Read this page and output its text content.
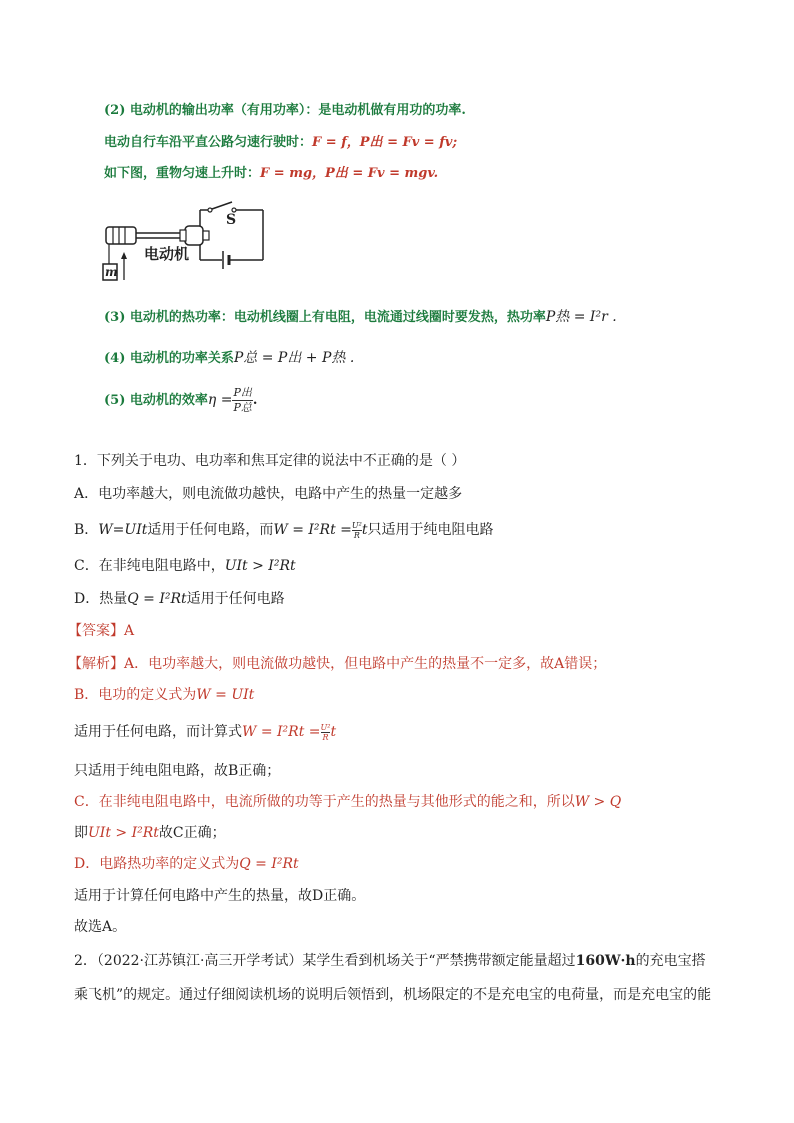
(2) 电动机的输出功率（有用功率）：是电动机做有用功的功率.
电动自行车沿平直公路匀速行驶时：F = f，P出 = Fv = fv;
如下图，重物匀速上升时：F = mg，P出 = Fv = mgv.
S
电动机
m
(3) 电动机的热功率：电动机线圈上有电阻，电流通过线圈时要发热，热功率P热 = I²r .
(4) 电动机的功率关系P总 = P出 + P热 .
(5) 电动机的效率$\eta = \frac{\text{P出}}{\text{P总}}$ .
1．下列关于电功、电功率和焦耳定律的说法中不正确的是（ ）
A．电功率越大，则电流做功越快，电路中产生的热量一定越多
B．W=UIt适用于任何电路，而$W = I^2Rt = \frac{\text{U²}}{R}$ t只适用于纯电阻电路
C．在非纯电阻电路中，UIt > I²Rt
D．热量Q = I²Rt适用于任何电路
【答案】A
【解析】A．电功率越大，则电流做功越快，但电路中产生的热量不一定多，故A错误；
B．电功的定义式为W = UIt
适用于任何电路，而计算式$W = I^2Rt = \frac{\text{U²}}{R}$ t
只适用于纯电阻电路，故B正确；
C．在非纯电阻电路中，电流所做的功等于产生的热量与其他形式的能之和，所以W > Q
即UIt > I²Rt故C正确；
D．电路热功率的定义式为Q = I²Rt
适用于计算任何电路中产生的热量，故D正确。
故选A。
2．（2022·江苏镇江·高三开学考试）某学生看到机场关于“严禁携带额定能量超过160W·h的充电宝搭
乘飞机”的规定。通过仔细阅读机场的说明后领悟到，机场限定的不是充电宝的电荷量，而是充电宝的能
